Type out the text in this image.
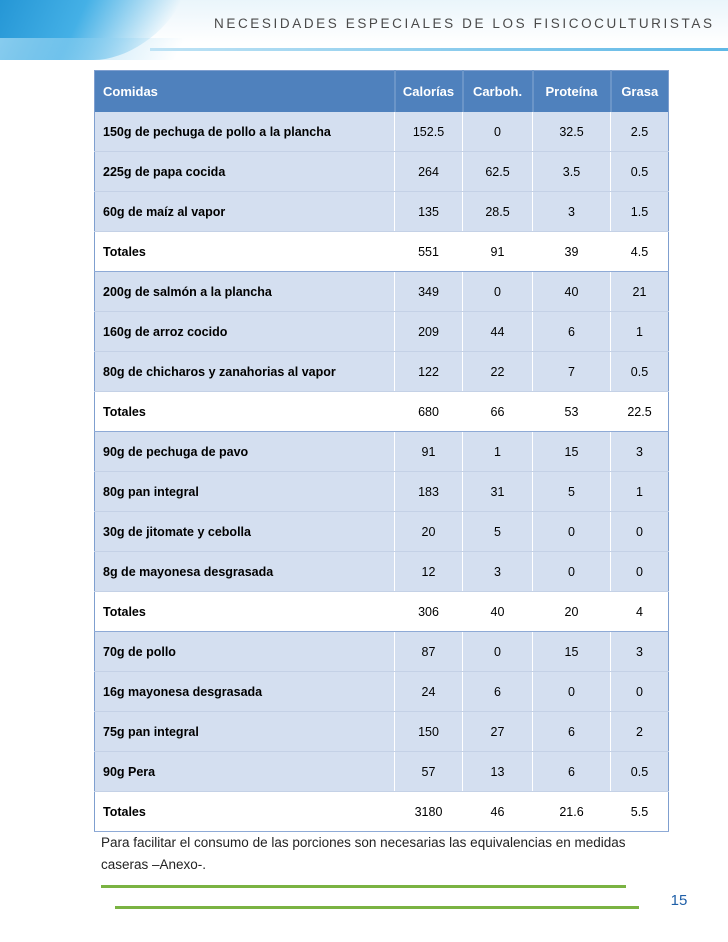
NECESIDADES ESPECIALES DE LOS FISICOCULTURISTAS
Comidas	Calorías	Carboh.	Proteína	Grasa
150g de pechuga de pollo a la plancha	152.5	0	32.5	2.5
225g de papa cocida	264	62.5	3.5	0.5
60g de maíz al vapor	135	28.5	3	1.5
Totales	551	91	39	4.5
200g de salmón a la plancha	349	0	40	21
160g de arroz cocido	209	44	6	1
80g de chicharos y zanahorias al vapor	122	22	7	0.5
Totales	680	66	53	22.5
90g de pechuga de pavo	91	1	15	3
80g pan integral	183	31	5	1
30g de jitomate y cebolla	20	5	0	0
8g de mayonesa desgrasada	12	3	0	0
Totales	306	40	20	4
70g de pollo	87	0	15	3
16g mayonesa desgrasada	24	6	0	0
75g pan integral	150	27	6	2
90g Pera	57	13	6	0.5
Totales	3180	46	21.6	5.5

Para facilitar el consumo de las porciones son necesarias las equivalencias en medidas caseras –Anexo-.

15
